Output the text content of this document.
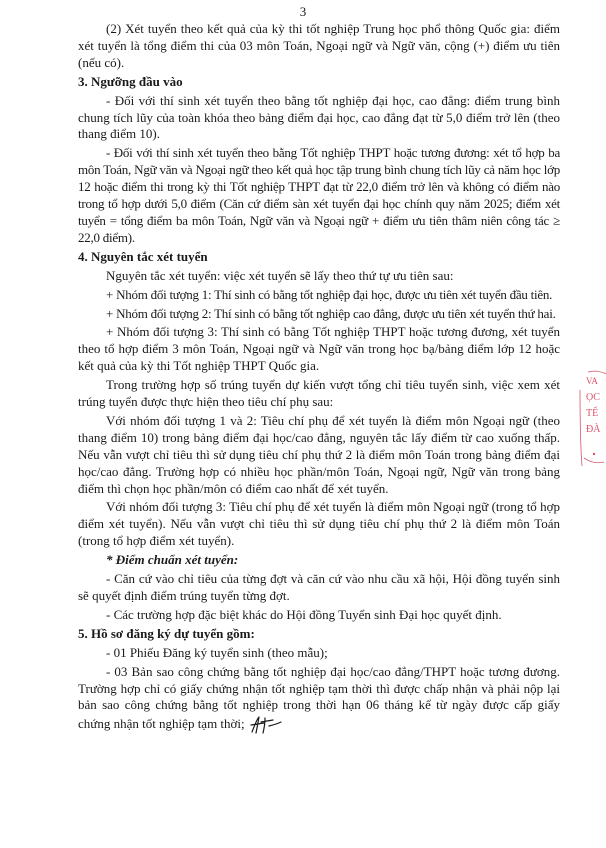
3

(2) Xét tuyển theo kết quả của kỳ thi tốt nghiệp Trung học phổ thông Quốc gia: điểm xét tuyển là tổng điểm thi của 03 môn Toán, Ngoại ngữ và Ngữ văn, cộng (+) điểm ưu tiên (nếu có).

3. Ngưỡng đầu vào

- Đối với thí sinh xét tuyển theo bằng tốt nghiệp đại học, cao đẳng: điểm trung bình chung tích lũy của toàn khóa theo bảng điểm đại học, cao đẳng đạt từ 5,0 điểm trở lên (theo thang điểm 10).

- Đối với thí sinh xét tuyển theo bằng Tốt nghiệp THPT hoặc tương đương: xét tổ hợp ba môn Toán, Ngữ văn và Ngoại ngữ theo kết quả học tập trung bình chung tích lũy cả năm học lớp 12 hoặc điểm thi trong kỳ thi Tốt nghiệp THPT đạt từ 22,0 điểm trở lên và không có điểm nào trong tổ hợp dưới 5,0 điểm (Căn cứ điểm sàn xét tuyển đại học chính quy năm 2025; điểm xét tuyển = tổng điểm ba môn Toán, Ngữ văn và Ngoại ngữ + điểm ưu tiên thâm niên công tác ≥ 22,0 điểm).

4. Nguyên tắc xét tuyển

Nguyên tắc xét tuyển: việc xét tuyển sẽ lấy theo thứ tự ưu tiên sau:

+ Nhóm đối tượng 1: Thí sinh có bằng tốt nghiệp đại học, được ưu tiên xét tuyển đầu tiên.

+ Nhóm đối tượng 2: Thí sinh có bằng tốt nghiệp cao đẳng, được ưu tiên xét tuyển thứ hai.

+ Nhóm đối tượng 3: Thí sinh có bằng Tốt nghiệp THPT hoặc tương đương, xét tuyển theo tổ hợp điểm 3 môn Toán, Ngoại ngữ và Ngữ văn trong học bạ/bảng điểm lớp 12 hoặc kết quả của kỳ thi Tốt nghiệp THPT Quốc gia.

Trong trường hợp số trúng tuyển dự kiến vượt tổng chỉ tiêu tuyển sinh, việc xem xét trúng tuyển được thực hiện theo tiêu chí phụ sau:

Với nhóm đối tượng 1 và 2: Tiêu chí phụ để xét tuyển là điểm môn Ngoại ngữ (theo thang điểm 10) trong bảng điểm đại học/cao đẳng, nguyên tắc lấy điểm từ cao xuống thấp. Nếu vẫn vượt chỉ tiêu thì sử dụng tiêu chí phụ thứ 2 là điểm môn Toán trong bảng điểm đại học/cao đẳng. Trường hợp có nhiều học phần/môn Toán, Ngoại ngữ, Ngữ văn trong bảng điểm thì chọn học phần/môn có điểm cao nhất để xét tuyển.

Với nhóm đối tượng 3: Tiêu chí phụ để xét tuyển là điểm môn Ngoại ngữ (trong tổ hợp điểm xét tuyển). Nếu vẫn vượt chỉ tiêu thì sử dụng tiêu chí phụ thứ 2 là điểm môn Toán (trong tổ hợp điểm xét tuyển).

* Điểm chuẩn xét tuyển:

- Căn cứ vào chỉ tiêu của từng đợt và căn cứ vào nhu cầu xã hội, Hội đồng tuyển sinh sẽ quyết định điểm trúng tuyển từng đợt.

- Các trường hợp đặc biệt khác do Hội đồng Tuyển sinh Đại học quyết định.

5. Hồ sơ đăng ký dự tuyển gồm:

- 01 Phiếu Đăng ký tuyển sinh (theo mẫu);

- 03 Bản sao công chứng bằng tốt nghiệp đại học/cao đẳng/THPT hoặc tương đương. Trường hợp chỉ có giấy chứng nhận tốt nghiệp tạm thời thì được chấp nhận và phải nộp lại bản sao công chứng bằng tốt nghiệp trong thời hạn 06 tháng kể từ ngày được cấp giấy chứng nhận tốt nghiệp tạm thời;

VA
ỌC
TẾ
ĐÀ
